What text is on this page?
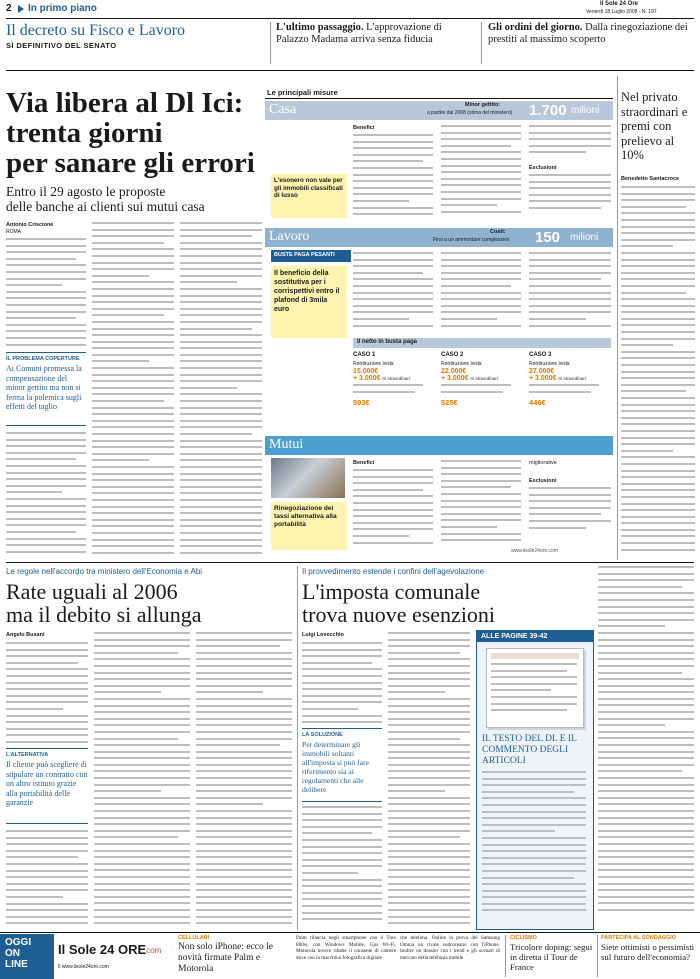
2 In primo piano	Il Sole 24 Ore
Venerdì 18 Luglio 2008 - N. 197
Il decreto su Fisco e Lavoro
SÌ DEFINITIVO DEL SENATO
L'ultimo passaggio. L'approvazione di Palazzo Madama arriva senza fiducia
Gli ordini del giorno. Dalla rinegoziazione dei prestiti al massimo scoperto
Via libera al Dl Ici:
trenta giorni
per sanare gli errori
Entro il 29 agosto le proposte
delle banche ai clienti sui mutui casa
Antonio Criscione
ROMA
IL PROBLEMA COPERTURE
Ai Comuni promessa la compensazione del minor gettito ma non si ferma la polemica sugli effetti del taglio
Le principali misure
Casa	Minor gettito:
a partire dal 2008 (stima del ministero) 1.700 milioni
L'esonero non vale per gli immobili classificati di lusso
Benefici
Esclusioni
Lavoro	Costi:
Fino a un ammontare complessivo 150 milioni
BUSTE PAGA PESANTI
Il beneficio della sostitutiva per i corrispettivi entro il plafond di 3mila euro
Il netto in busta paga
CASO 1
Retribuzione lorda
15.000€
+ 3.000€ In straordinari:
593€
CASO 2
Retribuzione lorda
22.000€
+ 3.000€ In straordinari:
525€
CASO 3
Retribuzione lorda
27.000€
+ 3.000€ In straordinari:
446€
Mutui
Rinegoziazione dei tassi alternativa alla portabilità
Benefici	migliorative
Esclusioni
www.ilsole24ore.com
Nel privato straordinari e premi con prelievo al 10%
Benedetto Santacroce
Le regole nell'accordo tra ministero dell'Economia e Abi
Rate uguali al 2006
ma il debito si allunga
Angelo Busani
L'ALTERNATIVA
Il cliente può scegliere di stipulare un contratto con un altro istituto grazie alla portabilità delle garanzie
Il provvedimento estende i confini dell'agevolazione
L'imposta comunale
trova nuove esenzioni
Luigi Lovecchio
LA SOLUZIONE
Per determinare gli immobili soltanti all'imposta si può fare riferimento sia ai regolamenti che alle delibere
ALLE PAGINE 39-42
IL TESTO DEL DL E IL COMMENTO DEGLI ARTICOLI
OGGI
ON
LINE
Il Sole 24 ORE
.com
Il www.ilsole24ore.com
CELLULARI
Non solo iPhone: ecco le novità firmate Palm e Motorola
Palm rilancia negli smartphone con il Treo 800w, con Windows Mobile, Gps Wi-Fi. Motorola invece ribatte il consente di camere dove con la macchina fotografica digitale
che telefona. Online la prova del Samsung Omnia un rivale sudcoreano con l'iPhone. Inoltre un dossier con i trend e gli scenari di mercato della telefonia mobile
CICLISMO
Tricolore doping: segui in diretta il Tour de France
PARTECIPA AL SONDAGGIO
Siete ottimisti o pessimisti sul futuro dell'economia?
